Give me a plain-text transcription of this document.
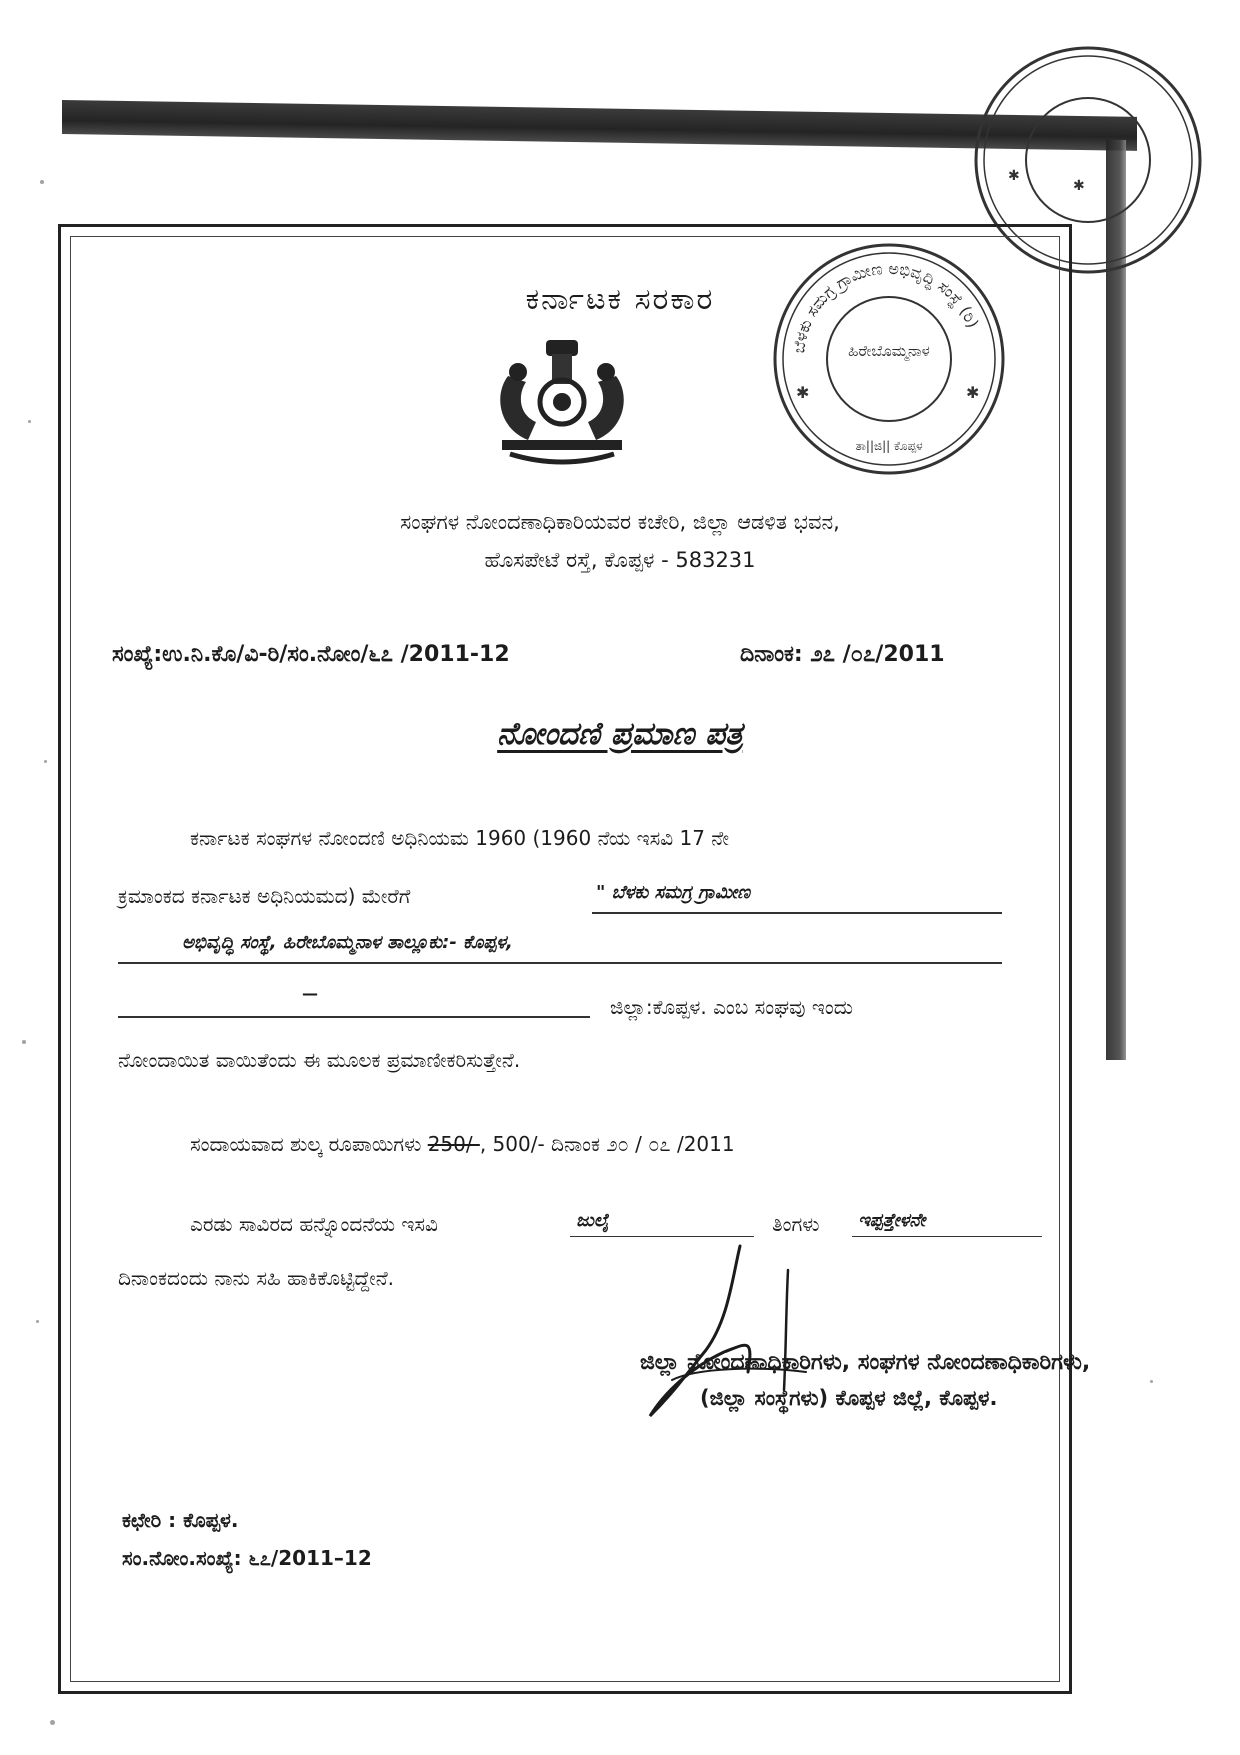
✱
✱
ಕರ್ನಾಟಕ ಸರಕಾರ
ಬೆಳಕು ಸಮಗ್ರ ಗ್ರಾಮೀಣ ಅಭಿವೃದ್ಧಿ ಸಂಸ್ಥೆ (ರಿ)
ಹಿರೇಬೊಮ್ಮನಾಳ
ತಾ||ಜಿ|| ಕೊಪ್ಪಳ
✱	✱
ಸಂಘಗಳ ನೋಂದಣಾಧಿಕಾರಿಯವರ ಕಚೇರಿ, ಜಿಲ್ಲಾ ಆಡಳಿತ ಭವನ,
ಹೊಸಪೇಟೆ ರಸ್ತೆ, ಕೊಪ್ಪಳ - 583231
ಸಂಖ್ಯೆ:ಉ.ನಿ.ಕೊ/ವಿ-ರಿ/ಸಂ.ನೋಂ/೬೭ /2011-12	ದಿನಾಂಕ: ೨೭ /೦೭/2011
ನೋಂದಣಿ ಪ್ರಮಾಣ ಪತ್ರ
ಕರ್ನಾಟಕ ಸಂಘಗಳ ನೋಂದಣಿ ಅಧಿನಿಯಮ 1960 (1960 ನೆಯ ಇಸವಿ 17 ನೇ
ಕ್ರಮಾಂಕದ ಕರ್ನಾಟಕ ಅಧಿನಿಯಮದ) ಮೇರೆಗೆ	" ಬೆಳಕು ಸಮಗ್ರ ಗ್ರಾಮೀಣ
ಅಭಿವೃದ್ಧಿ ಸಂಸ್ಥೆ, ಹಿರೇಬೊಮ್ಮನಾಳ ತಾಲ್ಲೂಕು:- ಕೊಪ್ಪಳ,
—
ಜಿಲ್ಲಾ:ಕೊಪ್ಪಳ. ಎಂಬ ಸಂಘವು ಇಂದು
ನೋಂದಾಯಿತ ವಾಯಿತೆಂದು ಈ ಮೂಲಕ ಪ್ರಮಾಣೀಕರಿಸುತ್ತೇನೆ.
ಸಂದಾಯವಾದ ಶುಲ್ಕ ರೂಪಾಯಿಗಳು 250/-, 500/- ದಿನಾಂಕ ೨೦ / ೦೭ /2011
ಎರಡು ಸಾವಿರದ ಹನ್ನೊಂದನೆಯ ಇಸವಿ	ಜುಲೈ	ತಿಂಗಳು ಇಪ್ಪತ್ತೇಳನೇ
ದಿನಾಂಕದಂದು ನಾನು ಸಹಿ ಹಾಕಿಕೊಟ್ಟಿದ್ದೇನೆ.
ಜಿಲ್ಲಾ ನೋಂದಣಾಧಿಕಾರಿಗಳು, ಸಂಘಗಳ ನೋಂದಣಾಧಿಕಾರಿಗಳು,
(ಜಿಲ್ಲಾ ಸಂಸ್ಥೆಗಳು) ಕೊಪ್ಪಳ ಜಿಲ್ಲೆ, ಕೊಪ್ಪಳ.
ಕಛೇರಿ : ಕೊಪ್ಪಳ.
ಸಂ.ನೋಂ.ಸಂಖ್ಯೆ: ೬೭/2011–12
